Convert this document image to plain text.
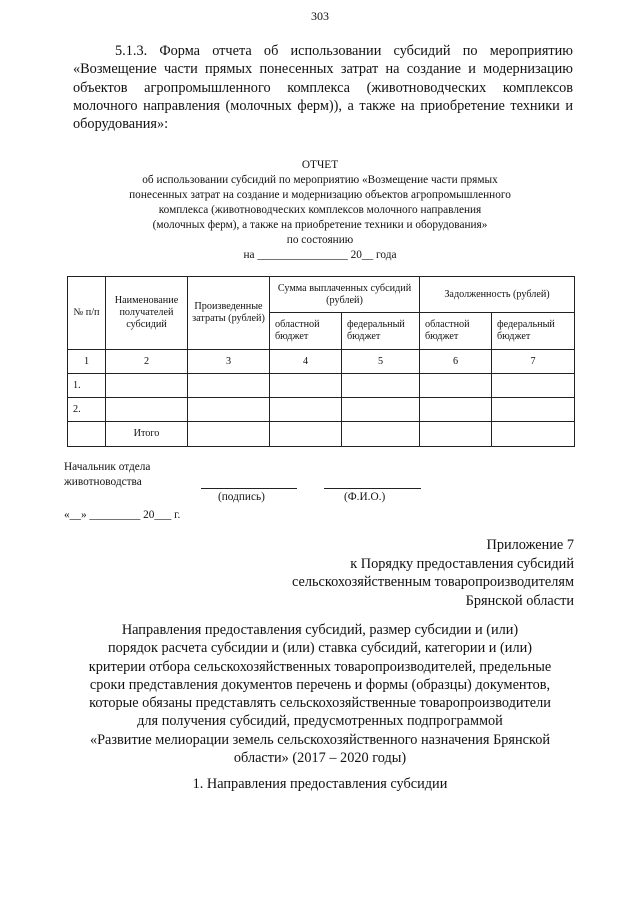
303

5.1.3. Форма отчета об использовании субсидий по мероприятию «Возмещение части прямых понесенных затрат на создание и модернизацию объектов агропромышленного комплекса (животноводческих комплексов молочного направления (молочных ферм)), а также на приобретение техники и оборудования»:

ОТЧЕТ
об использовании субсидий по мероприятию «Возмещение части прямых
понесенных затрат на создание и модернизацию объектов агропромышленного
комплекса (животноводческих комплексов молочного направления
(молочных ферм), а также на приобретение техники и оборудования»
по состоянию
на ________________ 20__ года
№ п/п	Наименование получателей субсидий	Произведенные затраты (рублей)	Сумма выплаченных субсидий (рублей)		Задолженность (рублей)	
			областной бюджет	федеральный бюджет	областной бюджет	федеральный бюджет
1	2	3	4	5	6	7
1.						
2.						
	Итого					
Начальник отдела
животноводства
(подпись)	(Ф.И.О.)
«__» _________ 20___ г.
Приложение 7
к Порядку предоставления субсидий
сельскохозяйственным товаропроизводителям
Брянской области
Направления предоставления субсидий, размер субсидии и (или)
порядок расчета субсидии и (или) ставка субсидий, категории и (или)
критерии отбора сельскохозяйственных товаропроизводителей, предельные
сроки представления документов перечень и формы (образцы) документов,
которые обязаны представлять сельскохозяйственные товаропроизводители
для получения субсидий, предусмотренных подпрограммой
«Развитие мелиорации земель сельскохозяйственного назначения Брянской
области» (2017 – 2020 годы)
1. Направления предоставления субсидии
